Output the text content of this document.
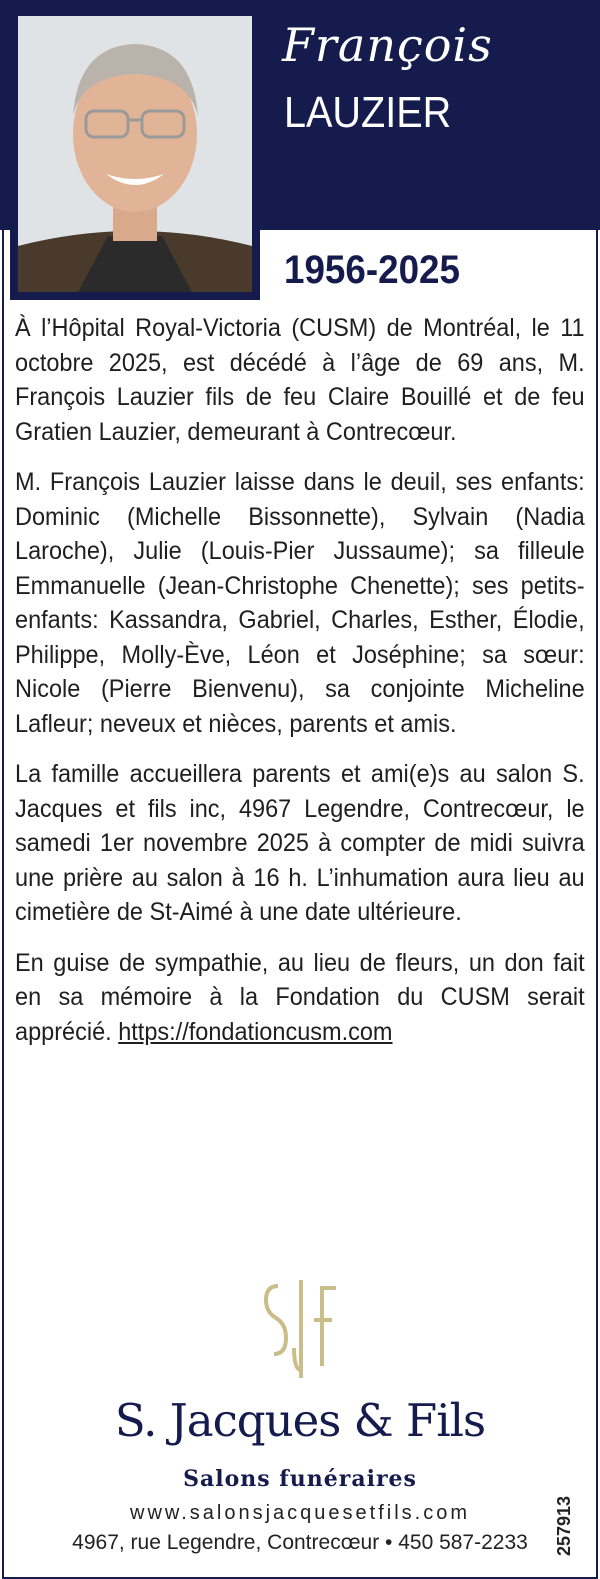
François
LAUZIER
1956-2025

À l’Hôpital Royal-Victoria (CUSM) de Montréal, le 11 octobre 2025, est décédé à l’âge de 69 ans, M. François Lauzier fils de feu Claire Bouillé et de feu Gratien Lauzier, demeurant à Contrecœur.

M. François Lauzier laisse dans le deuil, ses enfants: Dominic (Michelle Bissonnette), Sylvain (Nadia Laroche), Julie (Louis-Pier Jussaume); sa filleule Emmanuelle (Jean-Christophe Chenette); ses petits-enfants: Kassandra, Gabriel, Charles, Esther, Élodie, Philippe, Molly-Ève, Léon et Joséphine; sa sœur: Nicole (Pierre Bienvenu), sa conjointe Micheline Lafleur; neveux et nièces, parents et amis.

La famille accueillera parents et ami(e)s au salon S. Jacques et fils inc, 4967 Legendre, Contrecœur, le samedi 1er novembre 2025 à compter de midi suivra une prière au salon à 16 h. L’inhumation aura lieu au cimetière de St-Aimé à une date ultérieure.

En guise de sympathie, au lieu de fleurs, un don fait en sa mémoire à la Fondation du CUSM serait apprécié. https://fondationcusm.com

S. Jacques & Fils
Salons funéraires
www.salonsjacquesetfils.com
4967, rue Legendre, Contrecœur • 450 587-2233	257913
